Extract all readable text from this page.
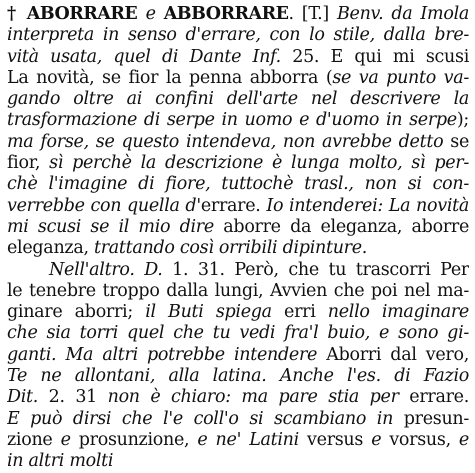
† ABORRARE e ABBORRARE. [T.] Benv. da Imola
interpreta in senso d'errare, con lo stile, dalla bre-
vità usata, quel di Dante Inf. 25. E qui mi scusi
La novità, se fior la penna abborra (se va punto va-
gando oltre ai confini dell'arte nel descrivere la
trasformazione di serpe in uomo e d'uomo in serpe);
ma forse, se questo intendeva, non avrebbe detto se
fior, sì perchè la descrizione è lunga molto, sì per-
chè l'imagine di fiore, tuttochè trasl., non si con-
verrebbe con quella d'errare. Io intenderei: La novità
mi scusi se il mio dire aborre da eleganza, aborre
eleganza, trattando così orribili dipinture.
Nell'altro. D. 1. 31. Però, che tu trascorri Per
le tenebre troppo dalla lungi, Avvien che poi nel ma-
ginare aborri; il Buti spiega erri nello imaginare
che sia torri quel che tu vedi fra'l buio, e sono gi-
ganti. Ma altri potrebbe intendere Aborri dal vero,
Te ne allontani, alla latina. Anche l'es. di Fazio
Dit. 2. 31 non è chiaro: ma pare stia per errare.
E può dirsi che l'e coll'o si scambiano in presun-
zione e prosunzione, e ne' Latini versus e vorsus, e
in altri molti
